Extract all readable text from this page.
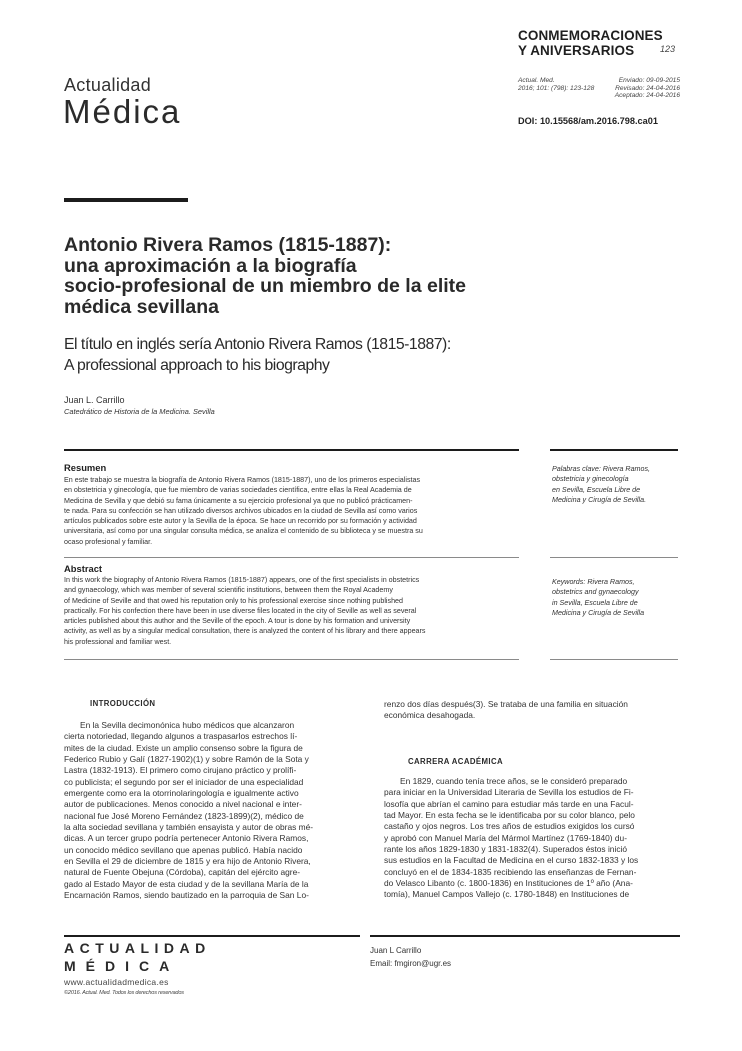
CONMEMORACIONES
Y ANIVERSARIOS	123
Actual. Med.
2016; 101: (798): 123-128
Enviado: 09-09-2015
Revisado: 24-04-2016
Aceptado: 24-04-2016
DOI: 10.15568/am.2016.798.ca01
Actualidad
Médica
Antonio Rivera Ramos (1815-1887):
una aproximación a la biografía
socio-profesional de un miembro de la elite
médica sevillana
El título en inglés sería Antonio Rivera Ramos (1815-1887):
A professional approach to his biography
Juan L. Carrillo
Catedrático de Historia de la Medicina. Sevilla
Resumen
En este trabajo se muestra la biografía de Antonio Rivera Ramos (1815-1887), uno de los primeros especialistas
en obstetricia y ginecología, que fue miembro de varias sociedades científica, entre ellas la Real Academia de
Medicina de Sevilla y que debió su fama únicamente a su ejercicio profesional ya que no publicó prácticamen-
te nada. Para su confección se han utilizado diversos archivos ubicados en la ciudad de Sevilla así como varios
artículos publicados sobre este autor y la Sevilla de la época. Se hace un recorrido por su formación y actividad
universitaria, así como por una singular consulta médica, se analiza el contenido de su biblioteca y se muestra su
ocaso profesional y familiar.
Palabras clave: Rivera Ramos,
obstetricia y ginecología
en Sevilla, Escuela Libre de
Medicina y Cirugía de Sevilla.
Abstract
In this work the biography of Antonio Rivera Ramos (1815-1887) appears, one of the first specialists in obstetrics
and gynaecology, which was member of several scientific institutions, between them the Royal Academy
of Medicine of Seville and that owed his reputation only to his professional exercise since nothing published
practically. For his confection there have been in use diverse files located in the city of Seville as well as several
articles published about this author and the Seville of the epoch. A tour is done by his formation and university
activity, as well as by a singular medical consultation, there is analyzed the content of his library and there appears
his professional and familiar west.
Keywords: Rivera Ramos,
obstetrics and gynaecology
in Sevilla, Escuela Libre de
Medicina y Cirugía de Sevilla
INTRODUCCIÓN
En la Sevilla decimonónica hubo médicos que alcanzaron
cierta notoriedad, llegando algunos a traspasarlos estrechos lí-
mites de la ciudad. Existe un amplio consenso sobre la figura de
Federico Rubio y Galí (1827-1902)(1) y sobre Ramón de la Sota y
Lastra (1832-1913). El primero como cirujano práctico y prolífi-
co publicista; el segundo por ser el iniciador de una especialidad
emergente como era la otorrinolaringología e igualmente activo
autor de publicaciones. Menos conocido a nivel nacional e inter-
nacional fue José Moreno Fernández (1823-1899)(2), médico de
la alta sociedad sevillana y también ensayista y autor de obras mé-
dicas. A un tercer grupo podría pertenecer Antonio Rivera Ramos,
un conocido médico sevillano que apenas publicó. Había nacido
en Sevilla el 29 de diciembre de 1815 y era hijo de Antonio Rivera,
natural de Fuente Obejuna (Córdoba), capitán del ejército agre-
gado al Estado Mayor de esta ciudad y de la sevillana María de la
Encarnación Ramos, siendo bautizado en la parroquia de San Lo-
renzo dos días después(3). Se trataba de una familia en situación
económica desahogada.
CARRERA ACADÉMICA
En 1829, cuando tenía trece años, se le consideró preparado
para iniciar en la Universidad Literaria de Sevilla los estudios de Fi-
losofía que abrían el camino para estudiar más tarde en una Facul-
tad Mayor. En esta fecha se le identificaba por su color blanco, pelo
castaño y ojos negros. Los tres años de estudios exigidos los cursó
y aprobó con Manuel María del Mármol Martínez (1769-1840) du-
rante los años 1829-1830 y 1831-1832(4). Superados éstos inició
sus estudios en la Facultad de Medicina en el curso 1832-1833 y los
concluyó en el de 1834-1835 recibiendo las enseñanzas de Fernan-
do Velasco Libanto (c. 1800-1836) en Instituciones de 1º año (Ana-
tomía), Manuel Campos Vallejo (c. 1780-1848) en Instituciones de
ACTUALIDAD
MÉDICA
www.actualidadmedica.es
©2016. Actual. Med. Todos los derechos reservados
Juan L Carrillo
Email: fmgiron@ugr.es
